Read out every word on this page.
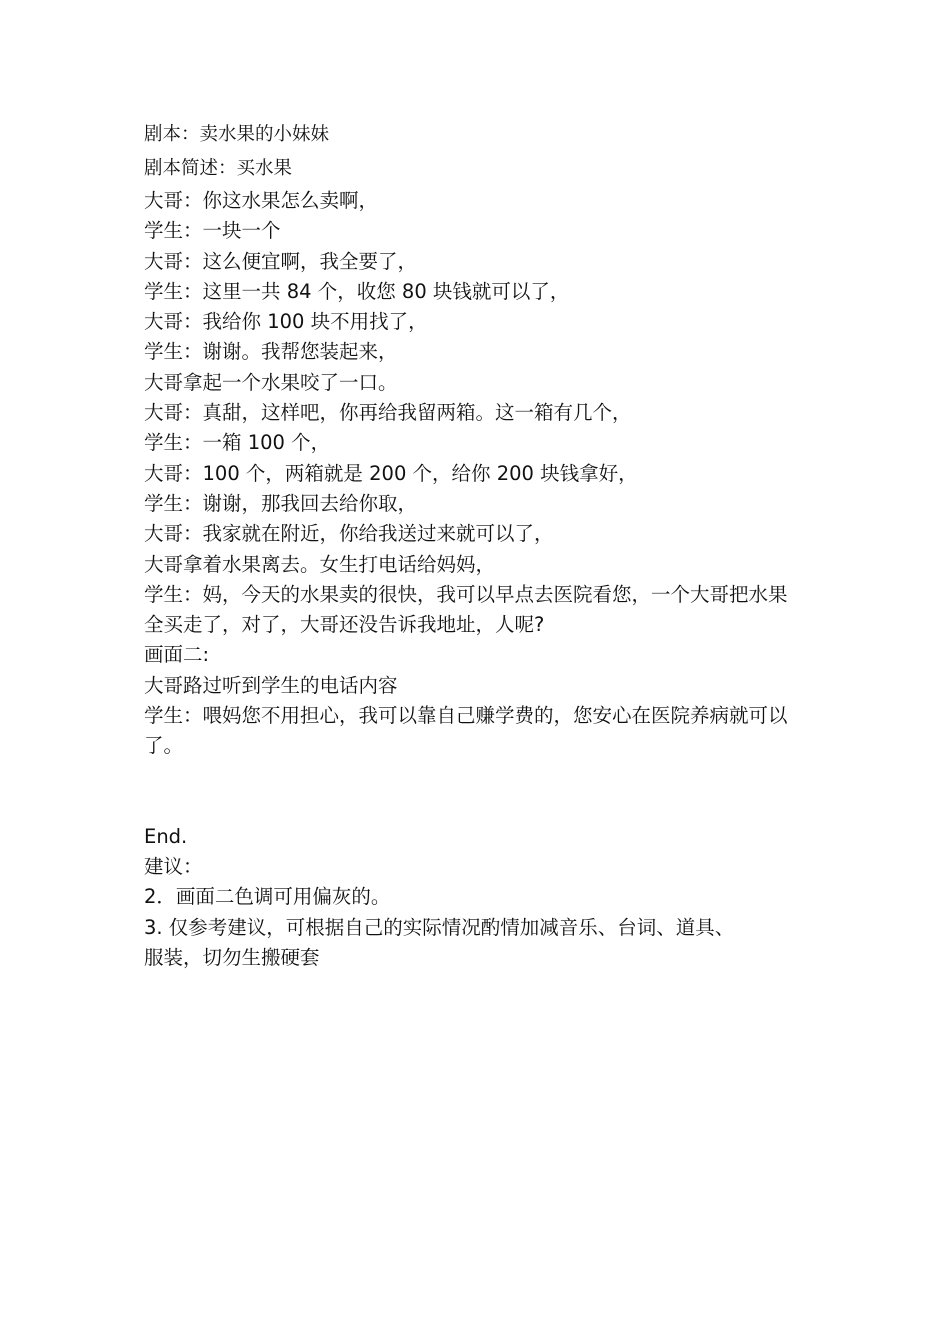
剧本：卖水果的小妹妹
剧本简述：买水果
大哥： 你这水果怎么卖啊，
学生： 一块一个
大哥： 这么便宜啊，我全要了，
学生： 这里一共 84 个，收您 80 块钱就可以了，
大哥： 我给你 100 块不用找了，
学生： 谢谢。我帮您装起来，
大哥拿起一个水果咬了一口。
大哥： 真甜，这样吧，你再给我留两箱。这一箱有几个，
学生： 一箱 100 个，
大哥： 100 个，两箱就是 200 个，给你 200 块钱拿好，
学生： 谢谢，那我回去给你取，
大哥： 我家就在附近，你给我送过来就可以了，
大哥拿着水果离去。女生打电话给妈妈，
学生：妈，今天的水果卖的很快，我可以早点去医院看您，一个大哥把水果全买走了，对了，大哥还没告诉我地址，人呢?
画面二:
大哥路过听到学生的电话内容
学生：喂妈您不用担心，我可以靠自己赚学费的，您安心在医院养病就可以了。
End.
建议：
2．画面二色调可用偏灰的。
3. 仅参考建议，可根据自己的实际情况酌情加减音乐、台词、道具、服装，切勿生搬硬套
